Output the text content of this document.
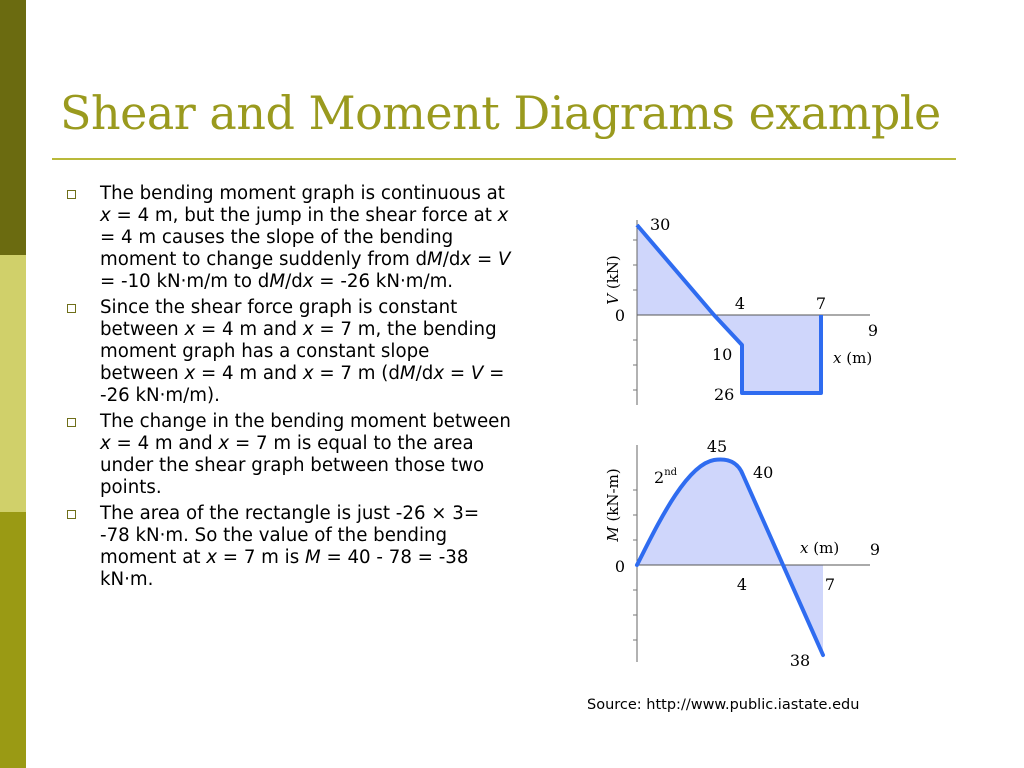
Shear and Moment Diagrams example
The bending moment graph is continuous at x = 4 m, but the jump in the shear force at x = 4 m causes the slope of the bending moment to change suddenly from dM/dx = V = -10 kN·m/m to dM/dx = -26 kN·m/m.
Since the shear force graph is constant between x = 4 m and x = 7 m, the bending moment graph has a constant slope between x = 4 m and x = 7 m (dM/dx = V = -26 kN·m/m).
The change in the bending moment between x = 4 m and x = 7 m is equal to the area under the shear graph between those two points.
The area of the rectangle is just -26 × 3= -78 kN·m. So the value of the bending moment at x = 7 m is M = 40 - 78 = -38 kN·m.
V (kN)
30
0
4	7
9
10
26
x (m)
M (kN-m) 2nd
45
40
0
4	7
9
x (m)
38
Source: http://www.public.iastate.edu
